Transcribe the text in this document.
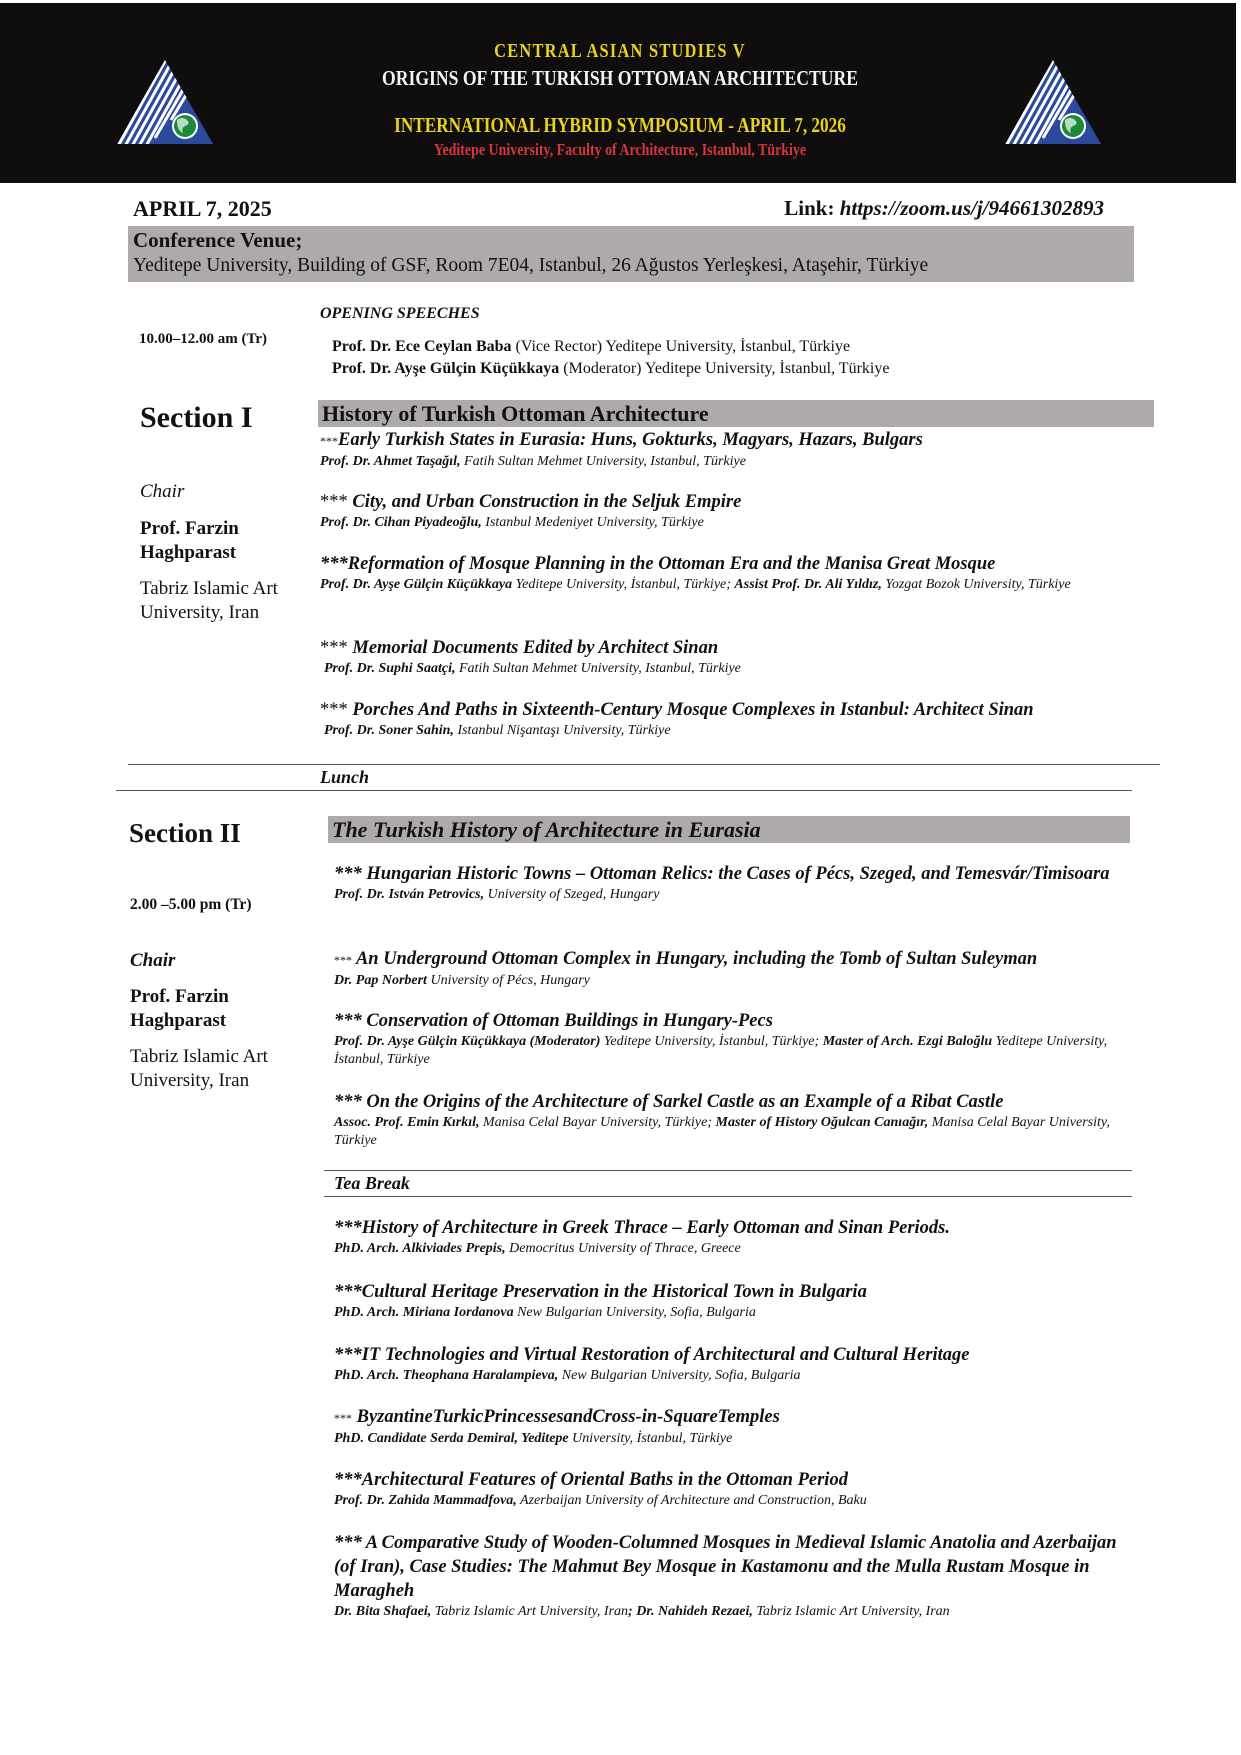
CENTRAL ASIAN STUDIES V
ORIGINS OF THE TURKISH OTTOMAN ARCHITECTURE
INTERNATIONAL HYBRID SYMPOSIUM - APRIL 7, 2026
Yeditepe University, Faculty of Architecture, Istanbul, Türkiye
APRIL 7, 2025	Link: https://zoom.us/j/94661302893
Conference Venue;
Yeditepe University, Building of GSF, Room 7E04, Istanbul, 26 Ağustos Yerleşkesi, Ataşehir, Türkiye
OPENING SPEECHES
10.00–12.00 am (Tr)	Prof. Dr. Ece Ceylan Baba (Vice Rector) Yeditepe University, İstanbul, Türkiye
Prof. Dr. Ayşe Gülçin Küçükkaya (Moderator) Yeditepe University, İstanbul, Türkiye
Section I
Chair
Prof. Farzin Haghparast
Tabriz Islamic Art University, Iran
History of Turkish Ottoman Architecture
***Early Turkish States in Eurasia: Huns, Gokturks, Magyars, Hazars, Bulgars
Prof. Dr. Ahmet Taşağıl, Fatih Sultan Mehmet University, Istanbul, Türkiye
*** City, and Urban Construction in the Seljuk Empire
Prof. Dr. Cihan Piyadeoğlu, Istanbul Medeniyet University, Türkiye
***Reformation of Mosque Planning in the Ottoman Era and the Manisa Great Mosque
Prof. Dr. Ayşe Gülçin Küçükkaya Yeditepe University, İstanbul, Türkiye; Assist Prof. Dr. Ali Yıldız, Yozgat Bozok University, Türkiye
*** Memorial Documents Edited by Architect Sinan
Prof. Dr. Suphi Saatçi, Fatih Sultan Mehmet University, Istanbul, Türkiye
*** Porches And Paths in Sixteenth-Century Mosque Complexes in Istanbul: Architect Sinan
Prof. Dr. Soner Sahin, Istanbul Nişantaşı University, Türkiye
Lunch
Section II
2.00 –5.00 pm (Tr)
Chair
Prof. Farzin Haghparast
Tabriz Islamic Art University, Iran
The Turkish History of Architecture in Eurasia
*** Hungarian Historic Towns – Ottoman Relics: the Cases of Pécs, Szeged, and Temesvár/Timisoara
Prof. Dr. István Petrovics, University of Szeged, Hungary
*** An Underground Ottoman Complex in Hungary, including the Tomb of Sultan Suleyman
Dr. Pap Norbert University of Pécs, Hungary
*** Conservation of Ottoman Buildings in Hungary-Pecs
Prof. Dr. Ayşe Gülçin Küçükkaya (Moderator) Yeditepe University, İstanbul, Türkiye; Master of Arch. Ezgi Baloğlu Yeditepe University, İstanbul, Türkiye
*** On the Origins of the Architecture of Sarkel Castle as an Example of a Ribat Castle
Assoc. Prof. Emin Kırkıl, Manisa Celal Bayar University, Türkiye; Master of History Oğulcan Canıağır, Manisa Celal Bayar University, Türkiye
Tea Break
***History of Architecture in Greek Thrace – Early Ottoman and Sinan Periods.
PhD. Arch. Alkiviades Prepis, Democritus University of Thrace, Greece
***Cultural Heritage Preservation in the Historical Town in Bulgaria
PhD. Arch. Miriana Iordanova New Bulgarian University, Sofia, Bulgaria
***IT Technologies and Virtual Restoration of Architectural and Cultural Heritage
PhD. Arch. Theophana Haralampieva, New Bulgarian University, Sofia, Bulgaria
*** ByzantineTurkicPrincessesandCross-in-SquareTemples
PhD. Candidate Serda Demiral, Yeditepe University, İstanbul, Türkiye
***Architectural Features of Oriental Baths in the Ottoman Period
Prof. Dr. Zahida Mammadfova, Azerbaijan University of Architecture and Construction, Baku
*** A Comparative Study of Wooden-Columned Mosques in Medieval Islamic Anatolia and Azerbaijan (of Iran), Case Studies: The Mahmut Bey Mosque in Kastamonu and the Mulla Rustam Mosque in Maragheh
Dr. Bita Shafaei, Tabriz Islamic Art University, Iran; Dr. Nahideh Rezaei, Tabriz Islamic Art University, Iran
